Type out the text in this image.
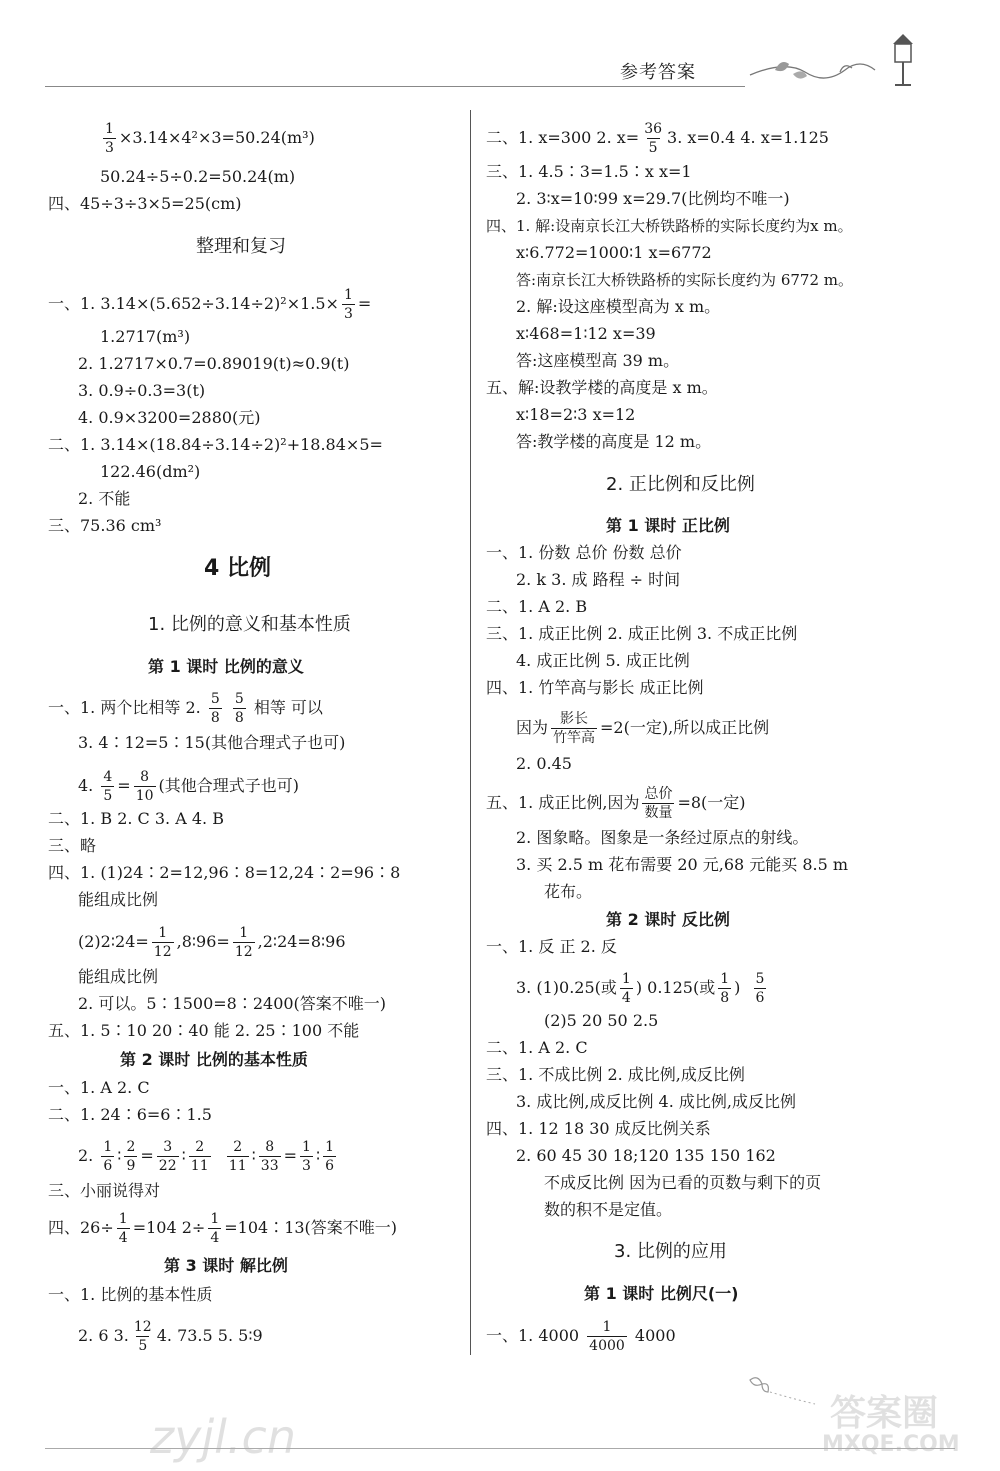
参考答案
$\frac{1}{3} \times 3.14\times 4^2\times 3=50.24(m^3)$
50.24÷5÷0.2=50.24(m)
四、45÷3÷3×5=25(cm)
整理和复习
一、1. $3.14\times(5.652\div 3.14\div 2)^2\times 1.5\times \frac{1}{3}$ =
1.2717(m³)
2. 1.2717×0.7=0.89019(t)≈0.9(t)
3. 0.9÷0.3=3(t)
4. 0.9×3200=2880(元)
二、1. 3.14×(18.84÷3.14÷2)²+18.84×5=
122.46(dm²)
2. 不能
三、75.36 cm³
4 比例
1. 比例的意义和基本性质
第 1 课时 比例的意义
一、1. 两个比相等 2. $\frac{5}{8}$
$\frac{5}{8}$ 相等 可以
3. 4∶12=5∶15(其他合理式子也可)
4. $\frac{4}{5} = \frac{8}{10}$ (其他合理式子也可)
二、1. B 2. C 3. A 4. B
三、略
四、1. (1)24∶2=12,96∶8=12,24∶2=96∶8
能组成比例
(2)2∶24= $\frac{1}{12}$ ,8∶96= $\frac{1}{12}$ ,2∶24=8∶96
能组成比例
2. 可以。5∶1500=8∶2400(答案不唯一)
五、1. 5∶10 20∶40 能 2. 25∶100 不能
第 2 课时 比例的基本性质
一、1. A 2. C
二、1. 24∶6=6∶1.5
2. $\frac{1}{6}$ ∶ $\frac{2}{9} = \frac{3}{22}$ ∶ $\frac{2}{11}$
$\frac{2}{11}$ ∶ $\frac{8}{33} = \frac{1}{3}$ ∶ $\frac{1}{6}$
三、小丽说得对
四、$26\div \frac{1}{4} =104$ $2\div \frac{1}{4}$ =104∶13(答案不唯一)
第 3 课时 解比例
一、1. 比例的基本性质
2. 6 3. $\frac{12}{5} 4$. 73.5 5. 5∶9
二、1. x=300 2. $x= \frac{36}{5} 3$. x=0.4 4. x=1.125
三、1. 4.5∶3=1.5∶x x=1
2. 3∶x=10∶99 x=29.7(比例均不唯一)
四、1. 解:设南京长江大桥铁路桥的实际长度约为x m。
x∶6.772=1000∶1 x=6772
答:南京长江大桥铁路桥的实际长度约为 6772 m。
2. 解:设这座模型高为 x m。
x∶468=1∶12 x=39
答:这座模型高 39 m。
五、解:设教学楼的高度是 x m。
x∶18=2∶3 x=12
答:教学楼的高度是 12 m。
2. 正比例和反比例
第 1 课时 正比例
一、1. 份数 总价 份数 总价
2. k 3. 成 路程 ÷ 时间
二、1. A 2. B
三、1. 成正比例 2. 成正比例 3. 不成正比例
4. 成正比例 5. 成正比例
四、1. 竹竿高与影长 成正比例
因为 $\frac{\text{影长}}{\text{竹竿高}} =2$(一定),所以成正比例
2. 0.45
五、1. 成正比例,因为 $\frac{\text{总价}}{\text{数量}} =8$(一定)
2. 图象略。图象是一条经过原点的射线。
3. 买 2.5 m 花布需要 20 元,68 元能买 8.5 m
花布。
第 2 课时 反比例
一、1. 反 正 2. 反
3. (1)0.25(或 $\frac{1}{4}$ ) 0.125(或 $\frac{1}{8}$ ) $\frac{5}{6}$
(2)5 20 50 2.5
二、1. A 2. C
三、1. 不成比例 2. 成比例,成反比例
3. 成比例,成反比例 4. 成比例,成反比例
四、1. 12 18 30 成反比例关系
2. 60 45 30 18;120 135 150 162
不成反比例 因为已看的页数与剩下的页
数的积不是定值。
3. 比例的应用
第 1 课时 比例尺(一)
一、1. $4000 \frac{1}{4000} 4000$
zyjl.cn	答案圈
MXQE.COM
